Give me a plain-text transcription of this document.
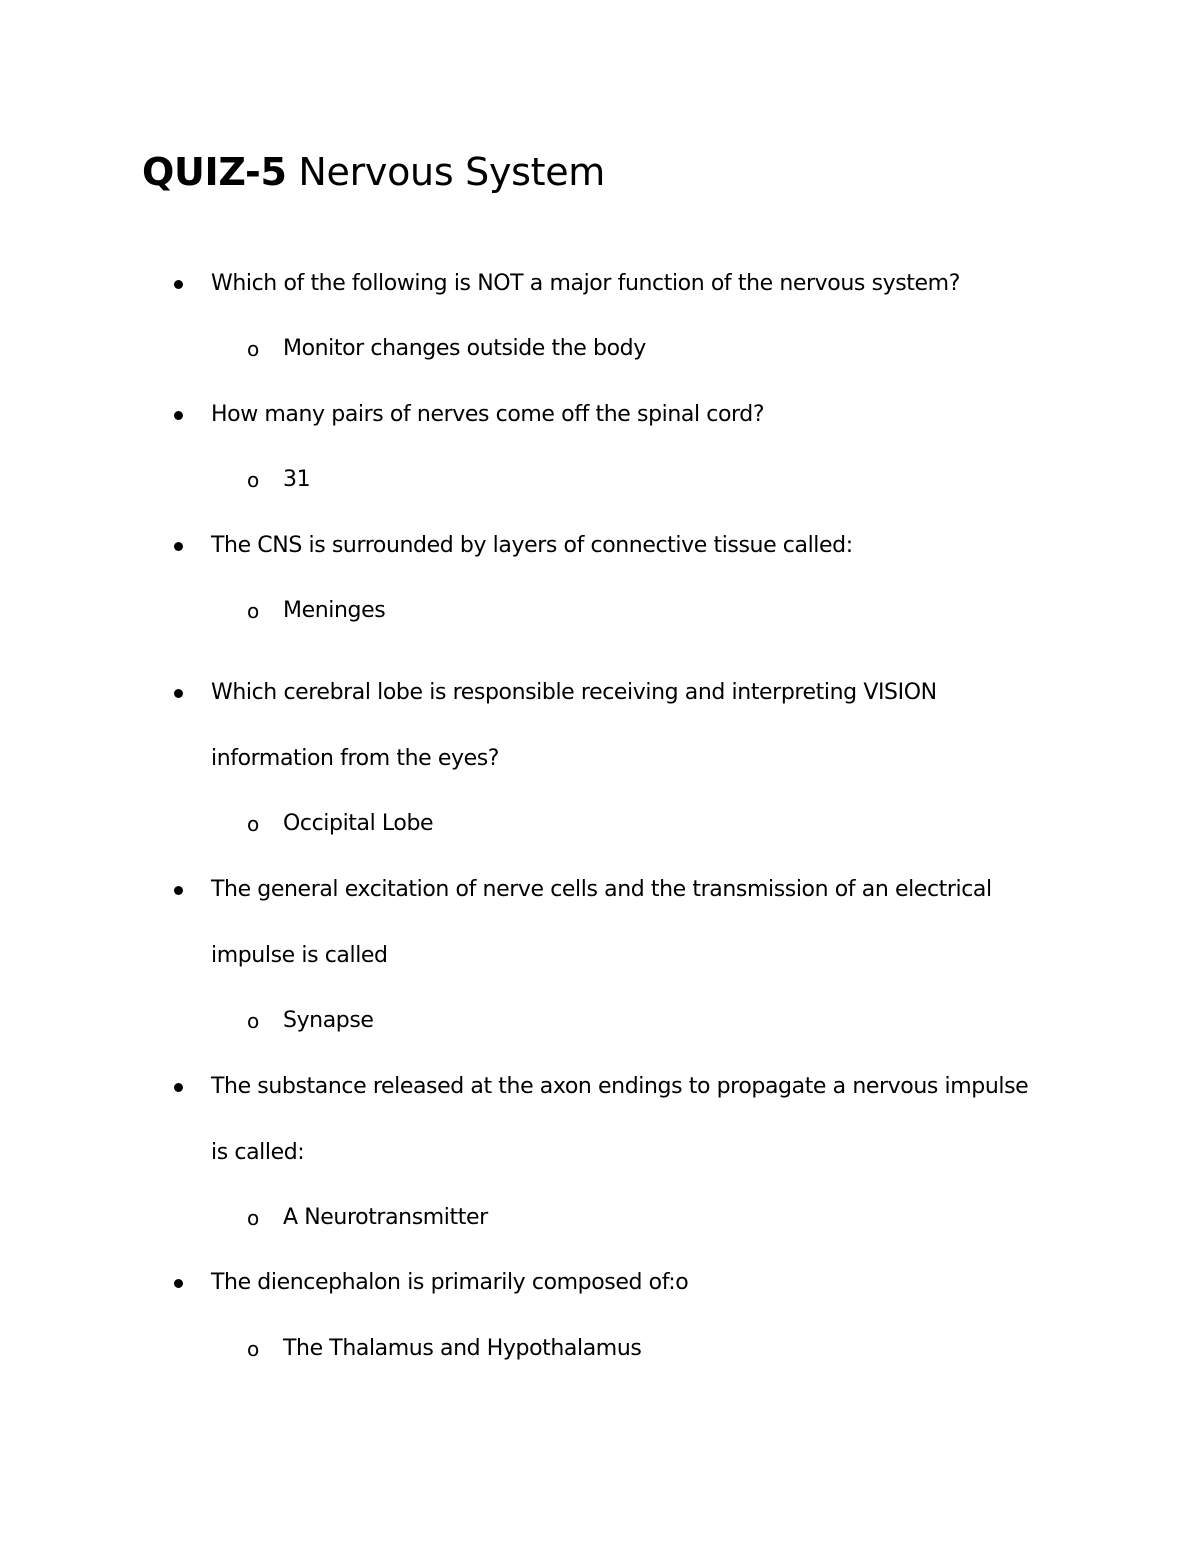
QUIZ-5 Nervous System
Which of the following is NOT a major function of the nervous system?
o Monitor changes outside the body
How many pairs of nerves come off the spinal cord?
o 31
The CNS is surrounded by layers of connective tissue called:
o Meninges
Which cerebral lobe is responsible receiving and interpreting VISION information from the eyes?
o Occipital Lobe
The general excitation of nerve cells and the transmission of an electrical impulse is called
o Synapse
The substance released at the axon endings to propagate a nervous impulse is called:
o A Neurotransmitter
The diencephalon is primarily composed of:o
o The Thalamus and Hypothalamus
